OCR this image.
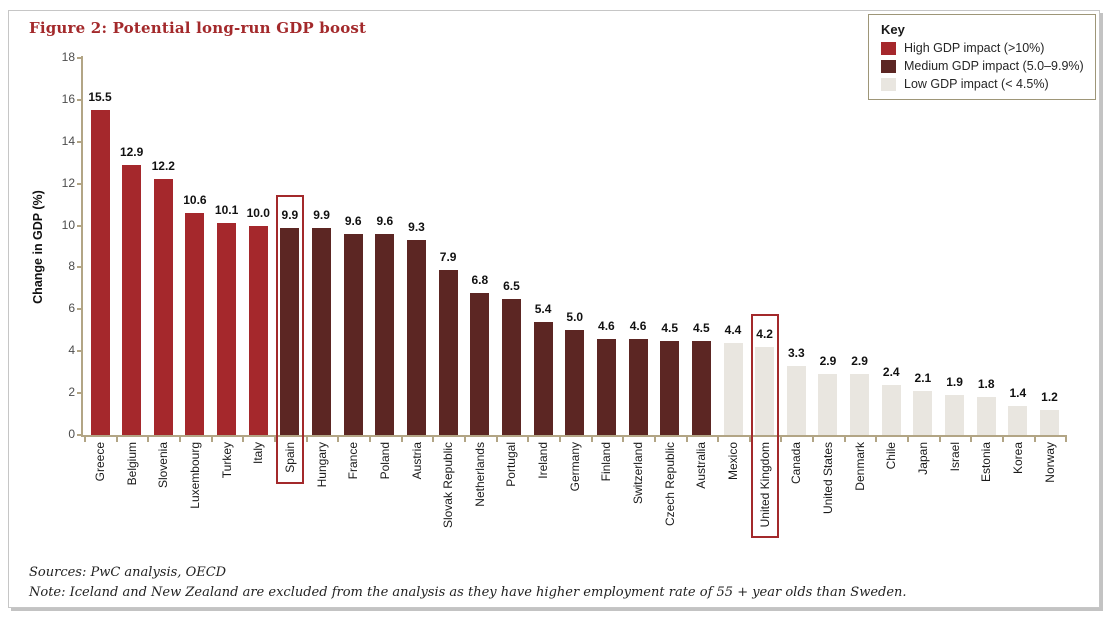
Figure 2: Potential long-run GDP boost	Key
High GDP impact (>10%)
Medium GDP impact (5.0–9.9%)
Low GDP impact (< 4.5%)
Change in GDP (%)
0
2
4
6
8
10
12
14
16
18
15.5
Greece
12.9
Belgium
12.2
Slovenia
10.6
Luxembourg
10.1
Turkey
10.0
Italy
9.9
Spain
9.9
Hungary
9.6
France
9.6
Poland
9.3
Austria
7.9
Slovak Republic
6.8
Netherlands
6.5
Portugal
5.4
Ireland
5.0
Germany
4.6
Finland
4.6
Switzerland
4.5
Czech Republic
4.5
Australia
4.4
Mexico
4.2
United Kingdom
3.3
Canada
2.9
United States
2.9
Denmark
2.4
Chile
2.1
Japan
1.9
Israel
1.8
Estonia
1.4
Korea
1.2
Norway
Sources: PwC analysis, OECD
Note: Iceland and New Zealand are excluded from the analysis as they have higher employment rate of 55 + year olds than Sweden.
